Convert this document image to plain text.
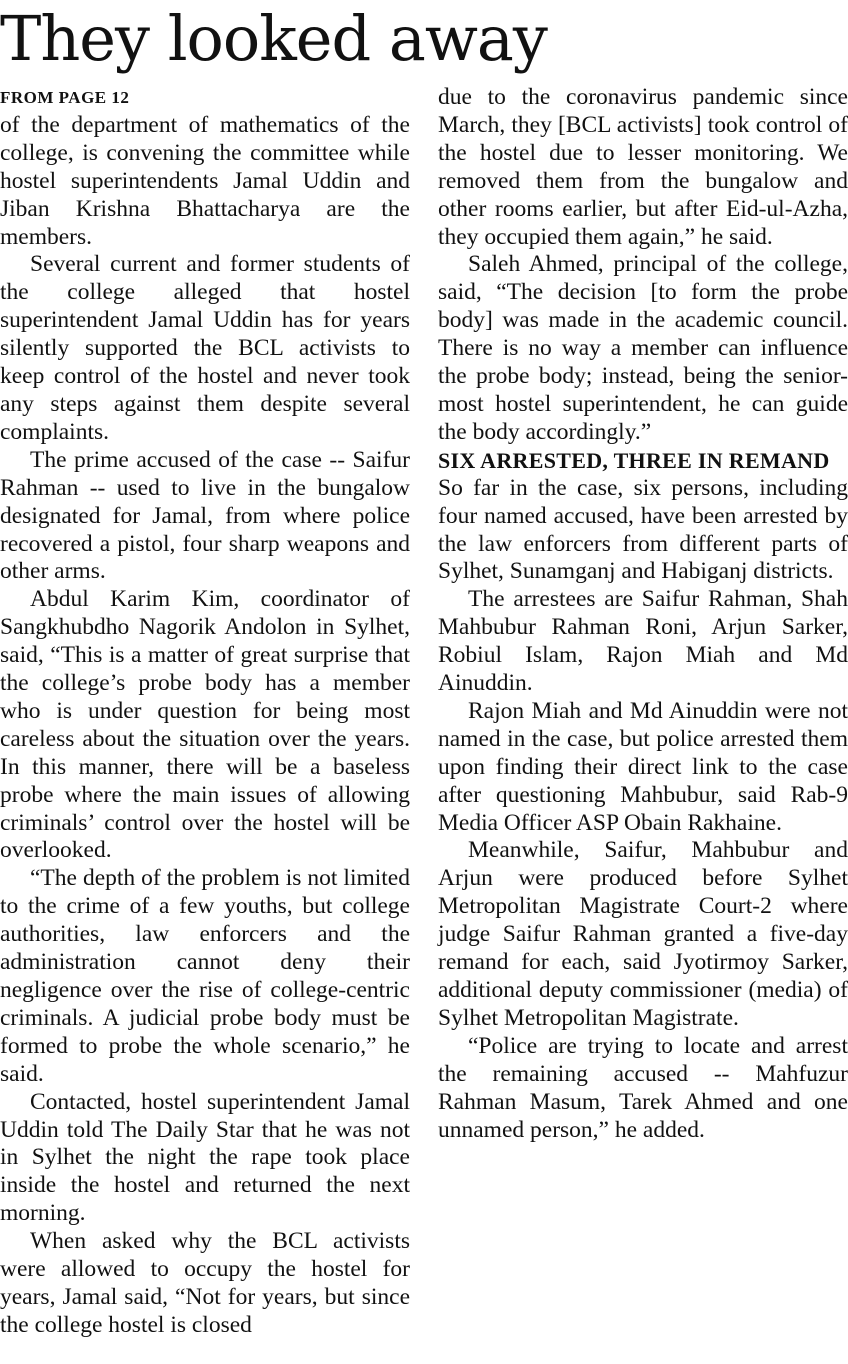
They looked away
FROM PAGE 12

of the department of mathematics of the college, is convening the committee while hostel superintendents Jamal Uddin and Jiban Krishna Bhattacharya are the members.

Several current and former students of the college alleged that hostel superintendent Jamal Uddin has for years silently supported the BCL activists to keep control of the hostel and never took any steps against them despite several complaints.

The prime accused of the case -- Saifur Rahman -- used to live in the bungalow designated for Jamal, from where police recovered a pistol, four sharp weapons and other arms.

Abdul Karim Kim, coordinator of Sangkhubdho Nagorik Andolon in Sylhet, said, “This is a matter of great surprise that the college’s probe body has a member who is under question for being most careless about the situation over the years. In this manner, there will be a baseless probe where the main issues of allowing criminals’ control over the hostel will be overlooked.

“The depth of the problem is not limited to the crime of a few youths, but college authorities, law enforcers and the administration cannot deny their negligence over the rise of college-centric criminals. A judicial probe body must be formed to probe the whole scenario,” he said.

Contacted, hostel superintendent Jamal Uddin told The Daily Star that he was not in Sylhet the night the rape took place inside the hostel and returned the next morning.

When asked why the BCL activists were allowed to occupy the hostel for years, Jamal said, “Not for years, but since the college hostel is closed

due to the coronavirus pandemic since March, they [BCL activists] took control of the hostel due to lesser monitoring. We removed them from the bungalow and other rooms earlier, but after Eid-ul-Azha, they occupied them again,” he said.

Saleh Ahmed, principal of the college, said, “The decision [to form the probe body] was made in the academic council. There is no way a member can influence the probe body; instead, being the senior-most hostel superintendent, he can guide the body accordingly.”

SIX ARRESTED, THREE IN REMAND

So far in the case, six persons, including four named accused, have been arrested by the law enforcers from different parts of Sylhet, Sunamganj and Habiganj districts.

The arrestees are Saifur Rahman, Shah Mahbubur Rahman Roni, Arjun Sarker, Robiul Islam, Rajon Miah and Md Ainuddin.

Rajon Miah and Md Ainuddin were not named in the case, but police arrested them upon finding their direct link to the case after questioning Mahbubur, said Rab-9 Media Officer ASP Obain Rakhaine.

Meanwhile, Saifur, Mahbubur and Arjun were produced before Sylhet Metropolitan Magistrate Court-2 where judge Saifur Rahman granted a five-day remand for each, said Jyotirmoy Sarker, additional deputy commissioner (media) of Sylhet Metropolitan Magistrate.

“Police are trying to locate and arrest the remaining accused -- Mahfuzur Rahman Masum, Tarek Ahmed and one unnamed person,” he added.
